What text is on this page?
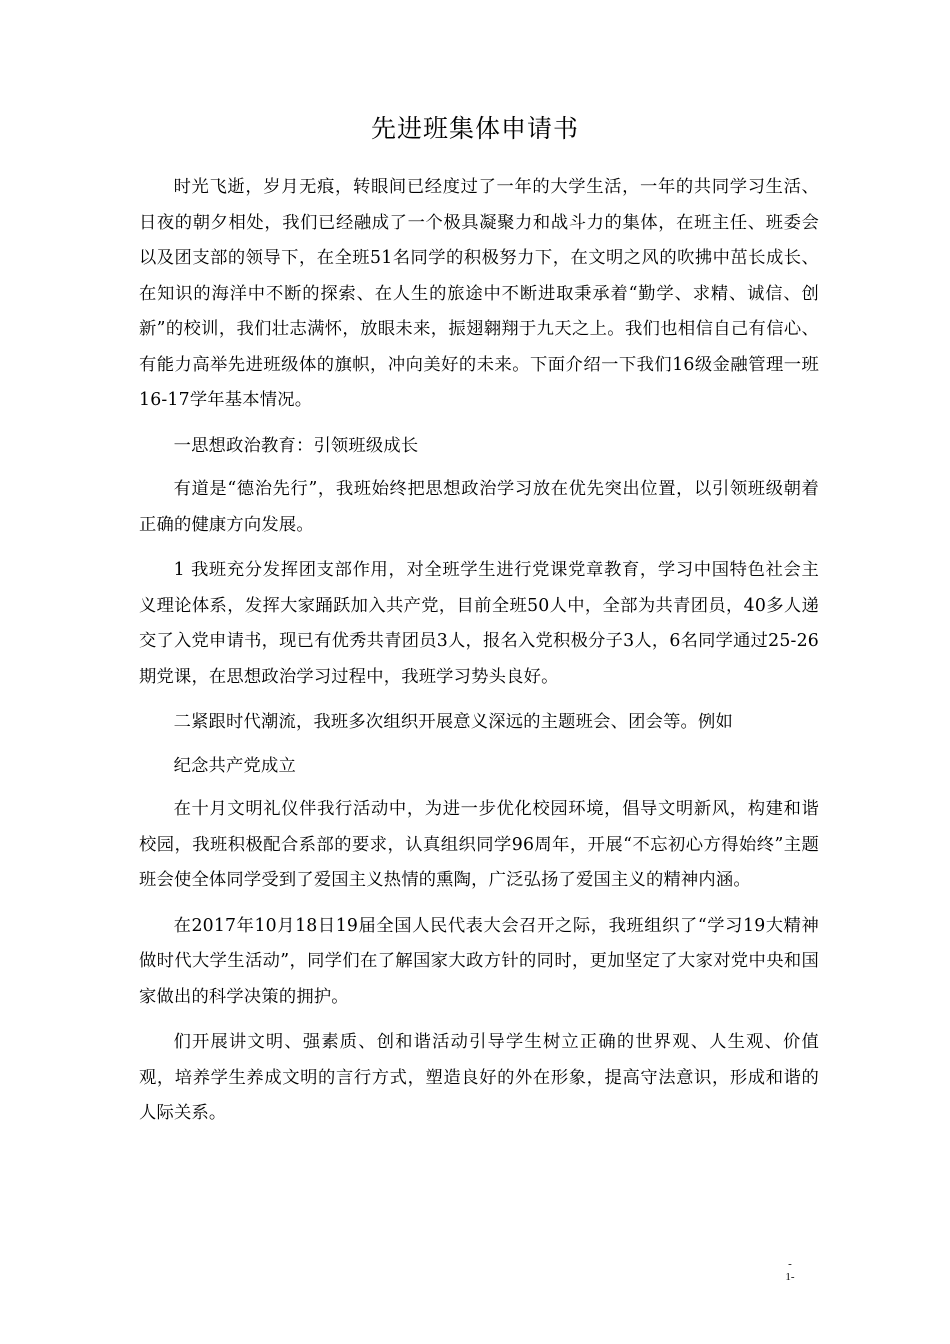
先进班集体申请书

时光飞逝，岁月无痕，转眼间已经度过了一年的大学生活，一年的共同学习生活、日夜的朝夕相处，我们已经融成了一个极具凝聚力和战斗力的集体，在班主任、班委会以及团支部的领导下，在全班51名同学的积极努力下，在文明之风的吹拂中茁长成长、在知识的海洋中不断的探索、在人生的旅途中不断进取秉承着“勤学、求精、诚信、创新”的校训，我们壮志满怀，放眼未来，振翅翱翔于九天之上。我们也相信自己有信心、有能力高举先进班级体的旗帜，冲向美好的未来。下面介绍一下我们16级金融管理一班16-17学年基本情况。

一思想政治教育：引领班级成长

有道是“德治先行”，我班始终把思想政治学习放在优先突出位置，以引领班级朝着正确的健康方向发展。

1 我班充分发挥团支部作用，对全班学生进行党课党章教育，学习中国特色社会主义理论体系，发挥大家踊跃加入共产党，目前全班50人中，全部为共青团员，40多人递交了入党申请书，现已有优秀共青团员3人，报名入党积极分子3人，6名同学通过25-26期党课，在思想政治学习过程中，我班学习势头良好。

二紧跟时代潮流，我班多次组织开展意义深远的主题班会、团会等。例如

纪念共产党成立

在十月文明礼仪伴我行活动中，为进一步优化校园环境，倡导文明新风，构建和谐校园，我班积极配合系部的要求，认真组织同学96周年，开展“不忘初心方得始终”主题班会使全体同学受到了爱国主义热情的熏陶，广泛弘扬了爱国主义的精神内涵。

在2017年10月18日19届全国人民代表大会召开之际，我班组织了“学习19大精神做时代大学生活动”，同学们在了解国家大政方针的同时，更加坚定了大家对党中央和国家做出的科学决策的拥护。

们开展讲文明、强素质、创和谐活动引导学生树立正确的世界观、人生观、价值观，培养学生养成文明的言行方式，塑造良好的外在形象，提高守法意识，形成和谐的人际关系。

-
1-
